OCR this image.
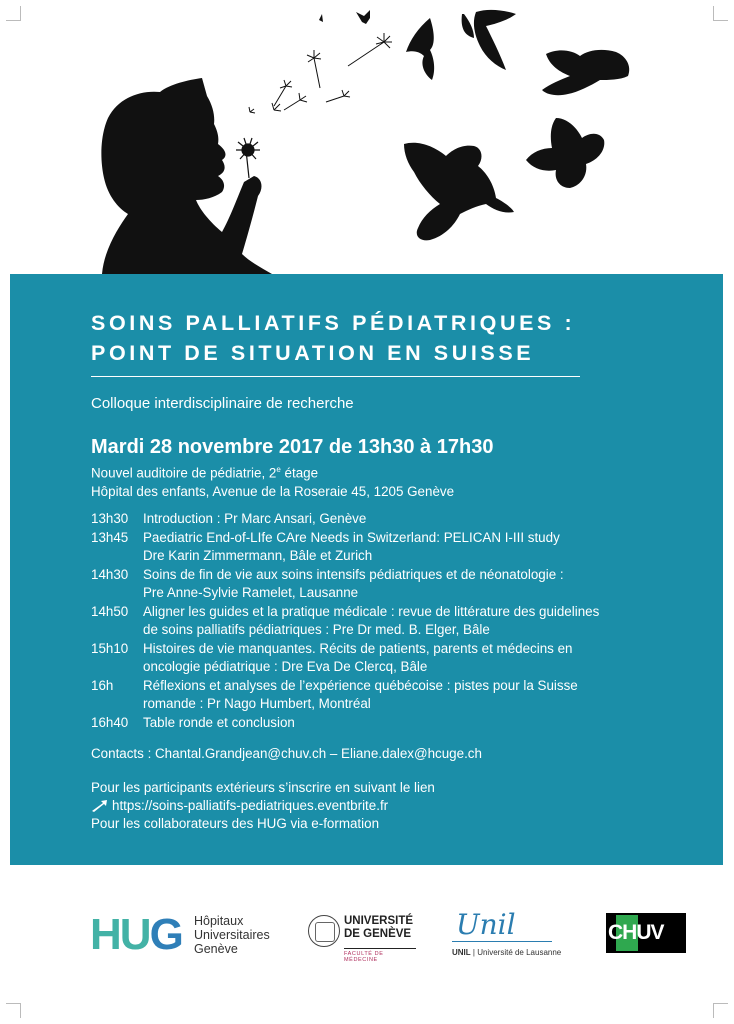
SOINS PALLIATIFS PÉDIATRIQUES :
POINT DE SITUATION EN SUISSE
Colloque interdisciplinaire de recherche
Mardi 28 novembre 2017 de 13h30 à 17h30
Nouvel auditoire de pédiatrie, 2e étage
Hôpital des enfants, Avenue de la Roseraie 45, 1205 Genève
13h30	Introduction : Pr Marc Ansari, Genève
13h45	Paediatric End-of-LIfe CAre Needs in Switzerland: PELICAN I-III study
Dre Karin Zimmermann, Bâle et Zurich
14h30	Soins de fin de vie aux soins intensifs pédiatriques et de néonatologie :
Pre Anne-Sylvie Ramelet, Lausanne
14h50	Aligner les guides et la pratique médicale : revue de littérature des guidelines
de soins palliatifs pédiatriques : Pre Dr med. B. Elger, Bâle
15h10	Histoires de vie manquantes. Récits de patients, parents et médecins en
oncologie pédiatrique : Dre Eva De Clercq, Bâle
16h	Réflexions et analyses de l’expérience québécoise : pistes pour la Suisse
romande : Pr Nago Humbert, Montréal
16h40	Table ronde et conclusion
Contacts : Chantal.Grandjean@chuv.ch – Eliane.dalex@hcuge.ch
Pour les participants extérieurs s’inscrire en suivant le lien
https://soins-palliatifs-pediatriques.eventbrite.fr
Pour les collaborateurs des HUG via e-formation
HUG Hôpitaux
Universitaires
Genève
UNIVERSITÉ
DE GENÈVE
FACULTÉ DE MÉDECINE
Unil
UNIL | Université de Lausanne
CHUV
